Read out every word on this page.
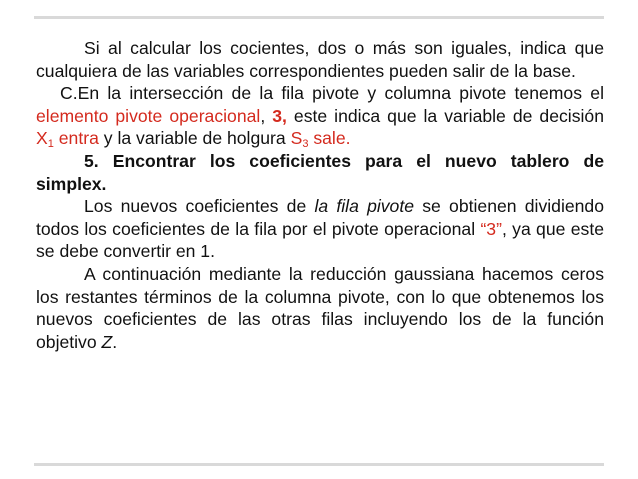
Si al calcular los cocientes, dos o más son iguales, indica que cualquiera de las variables correspondientes pueden salir de la base.

C.En la intersección de la fila pivote y columna pivote tenemos el elemento pivote operacional, 3, este indica que la variable de decisión $X_1$ entra y la variable de holgura $S_3$ sale.

5. Encontrar los coeficientes para el nuevo tablero de simplex.

Los nuevos coeficientes de la fila pivote se obtienen dividiendo todos los coeficientes de la fila por el pivote operacional “3”, ya que este se debe convertir en 1.

A continuación mediante la reducción gaussiana hacemos ceros los restantes términos de la columna pivote, con lo que obtenemos los nuevos coeficientes de las otras filas incluyendo los de la función objetivo Z.
